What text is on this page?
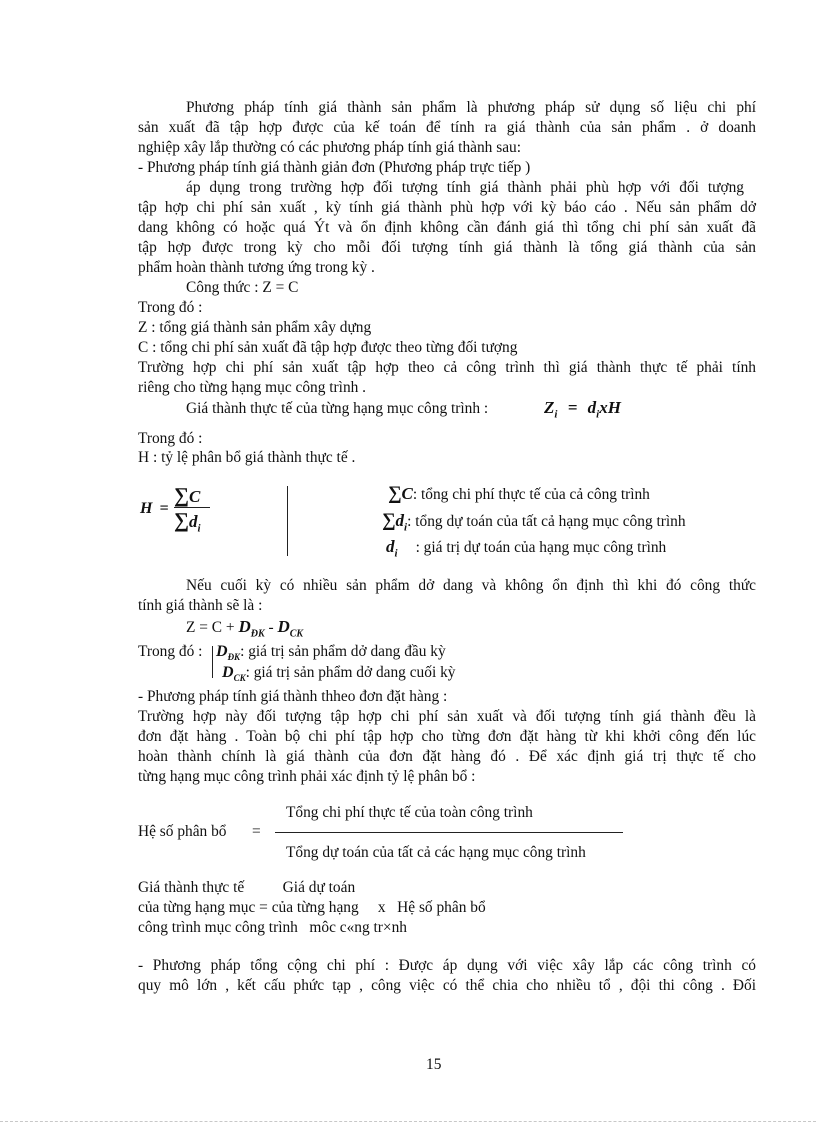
Phương pháp tính giá thành sản phẩm là phương pháp sử dụng số liệu chi phí
sản xuất đã tập hợp được của kế toán để tính ra giá thành của sản phẩm . ở doanh
nghiệp xây lắp thường có các phương pháp tính giá thành sau:
- Phương pháp tính giá thành giản đơn (Phương pháp trực tiếp )
áp dụng trong trường hợp đối tượng tính giá thành phải phù hợp với đối tượng
tập hợp chi phí sản xuất , kỳ tính giá thành phù hợp với kỳ báo cáo . Nếu sản phẩm dở
dang không có hoặc quá Ýt và ổn định không cần đánh giá thì tổng chi phí sản xuất đã
tập hợp được trong kỳ cho mỗi đối tượng tính giá thành là tổng giá thành của sản
phẩm hoàn thành tương ứng trong kỳ .
Công thức : Z = C
Trong đó :
Z : tổng giá thành sản phẩm xây dựng
C : tổng chi phí sản xuất đã tập hợp được theo từng đối tượng
Trường hợp chi phí sản xuất tập hợp theo cả công trình thì giá thành thực tế phải tính
riêng cho từng hạng mục công trình .
Giá thành thực tế của từng hạng mục công trình :	$Z_i = d_ixH$
Trong đó :
H : tỷ lệ phân bổ giá thành thực tế .
H =
∑C
$\sum d_i$
∑C: tổng chi phí thực tế của cả công trình
$\sum d_i$: tổng dự toán của tất cả hạng mục công trình
$d_i$ : giá trị dự toán của hạng mục công trình
Nếu cuối kỳ có nhiều sản phẩm dở dang và không ổn định thì khi đó công thức
tính giá thành sẽ là :
$Z = C + D_{ĐK} - D_{CK}$
Trong đó : $D_{ĐK}$: giá trị sản phẩm dở dang đầu kỳ
$D_{CK}$: giá trị sản phẩm dở dang cuối kỳ
- Phương pháp tính giá thành thheo đơn đặt hàng :
Trường hợp này đối tượng tập hợp chi phí sản xuất và đối tượng tính giá thành đều là
đơn đặt hàng . Toàn bộ chi phí tập hợp cho từng đơn đặt hàng từ khi khởi công đến lúc
hoàn thành chính là giá thành của đơn đặt hàng đó . Để xác định giá trị thực tế cho
từng hạng mục công trình phải xác định tỷ lệ phân bổ :
Tổng chi phí thực tế của toàn công trình
Hệ số phân bổ =
Tổng dự toán của tất cả các hạng mục công trình
Giá thành thực tế          Giá dự toán
của từng hạng mục = của từng hạng     x   Hệ số phân bổ
công trình mục công trình   môc c«ng tr×nh
- Phương pháp tổng cộng chi phí : Được áp dụng với việc xây lắp các công trình có
quy mô lớn , kết cấu phức tạp , công việc có thể chia cho nhiều tổ , đội thi công . Đối
15
